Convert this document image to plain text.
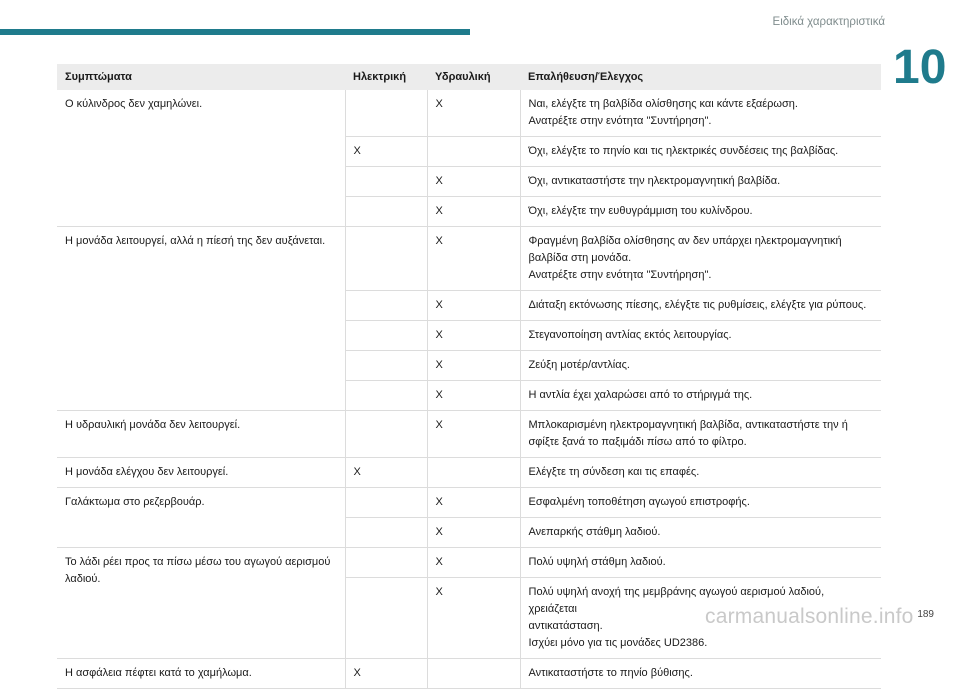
Ειδικά χαρακτηριστικά
10
Συμπτώματα	Ηλεκτρική	Υδραυλική	Επαλήθευση/Έλεγχος
Ο κύλινδρος δεν χαμηλώνει.		X	Ναι, ελέγξτε τη βαλβίδα ολίσθησης και κάντε εξαέρωση.
Ανατρέξτε στην ενότητα "Συντήρηση".

	X		Όχι, ελέγξτε το πηνίο και τις ηλεκτρικές συνδέσεις της βαλβίδας.

		X	Όχι, αντικαταστήστε την ηλεκτρομαγνητική βαλβίδα.

		X	Όχι, ελέγξτε την ευθυγράμμιση του κυλίνδρου.

Η μονάδα λειτουργεί, αλλά η πίεσή της δεν αυξάνεται.		X	Φραγμένη βαλβίδα ολίσθησης αν δεν υπάρχει ηλεκτρομαγνητική
βαλβίδα στη μονάδα.
Ανατρέξτε στην ενότητα "Συντήρηση".

		X	Διάταξη εκτόνωσης πίεσης, ελέγξτε τις ρυθμίσεις, ελέγξτε για ρύπους.

		X	Στεγανοποίηση αντλίας εκτός λειτουργίας.

		X	Ζεύξη μοτέρ/αντλίας.

		X	Η αντλία έχει χαλαρώσει από το στήριγμά της.

Η υδραυλική μονάδα δεν λειτουργεί.		X	Μπλοκαρισμένη ηλεκτρομαγνητική βαλβίδα, αντικαταστήστε την ή
σφίξτε ξανά το παξιμάδι πίσω από το φίλτρο.

Η μονάδα ελέγχου δεν λειτουργεί.	X		Ελέγξτε τη σύνδεση και τις επαφές.

Γαλάκτωμα στο ρεζερβουάρ.		X	Εσφαλμένη τοποθέτηση αγωγού επιστροφής.

		X	Ανεπαρκής στάθμη λαδιού.

Το λάδι ρέει προς τα πίσω μέσω του αγωγού αερισμού λαδιού.		X	Πολύ υψηλή στάθμη λαδιού.

		X	Πολύ υψηλή ανοχή της μεμβράνης αγωγού αερισμού λαδιού, χρειάζεται
αντικατάσταση.
Ισχύει μόνο για τις μονάδες UD2386.

Η ασφάλεια πέφτει κατά το χαμήλωμα.	X		Αντικαταστήστε το πηνίο βύθισης.
189
carmanualsonline.info
